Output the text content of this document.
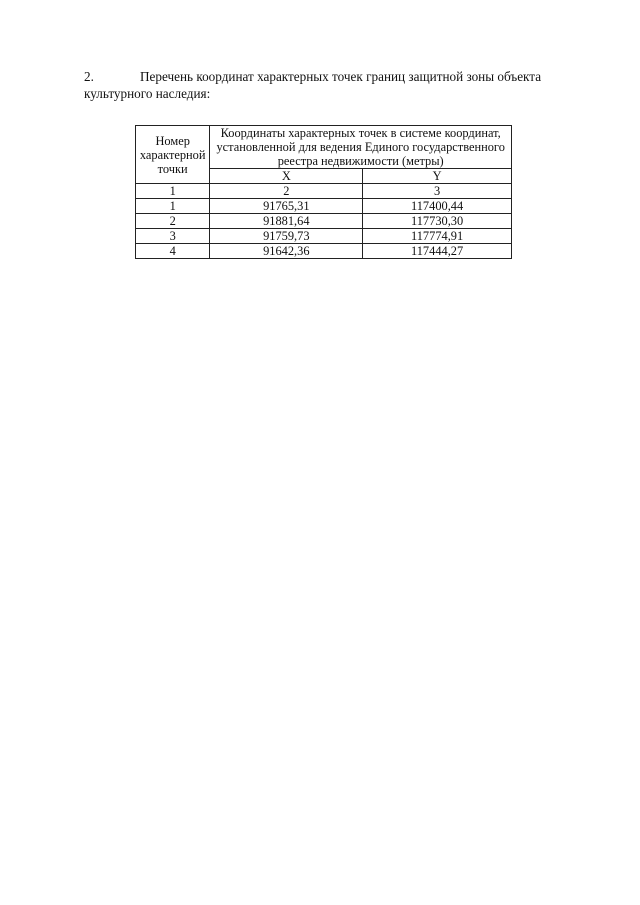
2.	Перечень координат характерных точек границ защитной зоны объекта культурного наследия:
Номер характерной точки	Координаты характерных точек в системе координат, установленной для ведения Единого государственного реестра недвижимости (метры)	
	X	Y
1	2	3
1	91765,31	117400,44
2	91881,64	117730,30
3	91759,73	117774,91
4	91642,36	117444,27
